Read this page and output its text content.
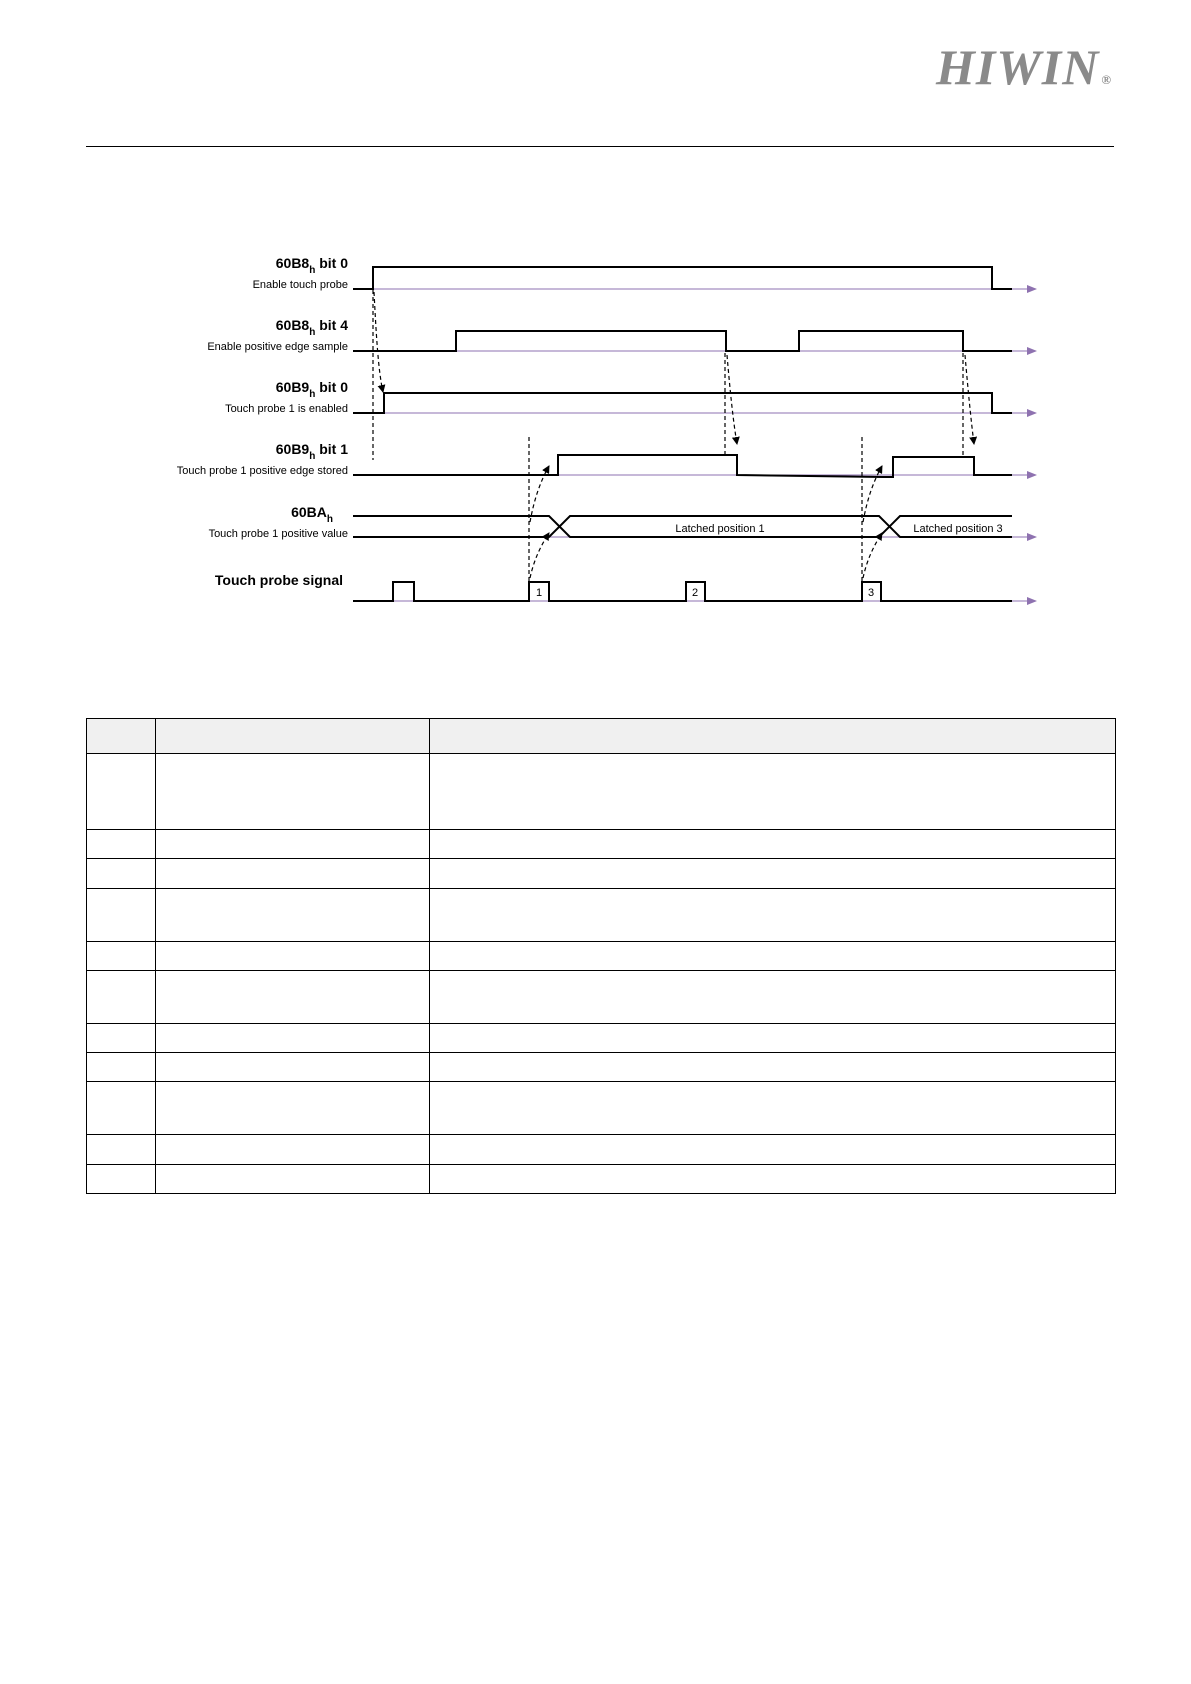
HIWIN ®
$60B8_h$ bit 0
Enable touch probe
$60B8_h$ bit 4
Enable positive edge sample
$60B9_h$ bit 0
Touch probe 1 is enabled
$60B9_h$ bit 1
Touch probe 1 positive edge stored
$60BA_h$
Touch probe 1 positive value
Touch probe signal
Latched position 1	Latched position 3
1	2	3
